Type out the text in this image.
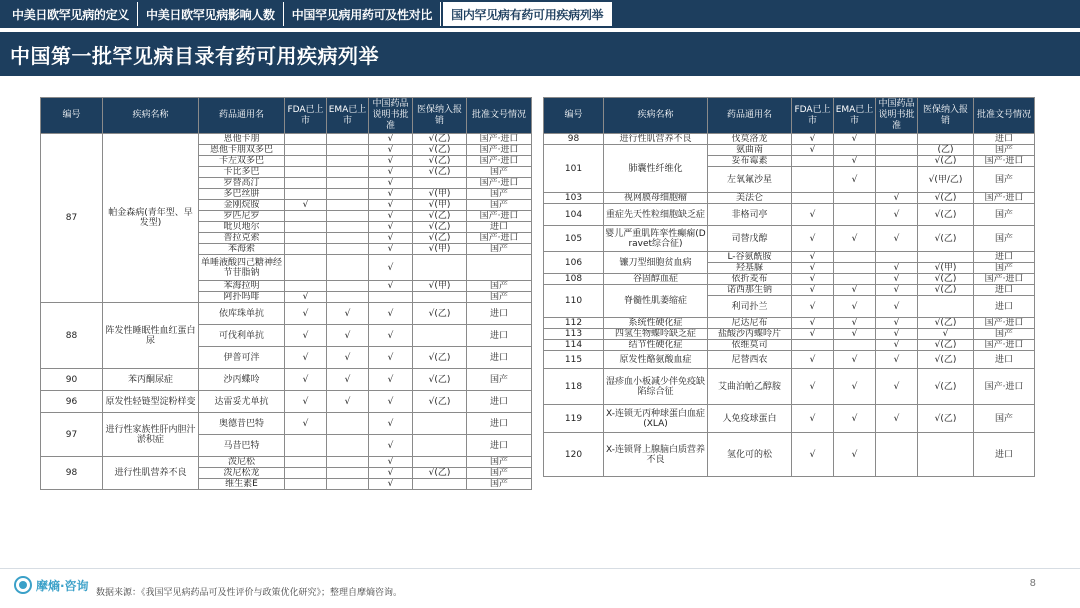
中美日欧罕见病的定义	中美日欧罕见病影响人数	中国罕见病用药可及性对比	国内罕见病有药可用疾病列举
中国第一批罕见病目录有药可用疾病列举
编号	疾病名称	药品通用名	FDA已上市	EMA已上市	中国药品说明书批准	医保纳入报销	批准文号情况
87	帕金森病(青年型、早发型)	恩他卡朋			√	√(乙)	国产·进口
		恩他卡朋双多巴			√	√(乙)	国产·进口
		卡左双多巴			√	√(乙)	国产·进口
		卡比多巴			√	√(乙)	国产
		罗替高汀			√		国产·进口
		多巴丝肼			√	√(甲)	国产
		金刚烷胺	√		√	√(甲)	国产
		罗匹尼罗			√	√(乙)	国产·进口
		吡贝地尔			√	√(乙)	进口
		普拉克索			√	√(乙)	国产·进口
		苯海索			√	√(甲)	国产
		单唾液酸四己糖神经节苷脂钠			√		
		苯海拉明			√	√(甲)	国产
		阿扑吗啡	√				国产
88	阵发性睡眠性血红蛋白尿	依库珠单抗	√	√	√	√(乙)	进口
		可伐利单抗	√	√	√		进口
		伊普可泮	√	√	√	√(乙)	进口
90	苯丙酮尿症	沙丙蝶呤	√	√	√	√(乙)	国产
96	原发性轻链型淀粉样变	达雷妥尤单抗	√	√	√	√(乙)	进口
97	进行性家族性肝内胆汁淤积症	奥德昔巴特	√		√		进口
		马昔巴特			√		进口
98	进行性肌营养不良	泼尼松			√		国产
		泼尼松龙			√	√(乙)	国产
		维生素E			√		国产
编号	疾病名称	药品通用名	FDA已上市	EMA已上市	中国药品说明书批准	医保纳入报销	批准文号情况
98	进行性肌营养不良	伐莫洛龙	√	√			进口
101	肺囊性纤维化	氨曲南	√			(乙)	国产
		妥布霉素		√		√(乙)	国产·进口
		左氧氟沙星		√		√(甲/乙)	国产
103	视网膜母细胞瘤	美法仑			√	√(乙)	国产·进口
104	重症先天性粒细胞缺乏症	非格司亭	√		√	√(乙)	国产
105	婴儿严重肌阵挛性癫痫(Dravet综合征)	司替戊醇	√	√	√	√(乙)	国产
106	镰刀型细胞贫血病	L-谷氨酰胺	√				进口
		羟基脲	√		√	√(甲)	国产
108	谷固醇血症	依折麦布	√		√	√(乙)	国产·进口
110	脊髓性肌萎缩症	诺西那生钠	√	√	√	√(乙)	进口
		利司扑兰	√	√	√		进口
112	系统性硬化症	尼达尼布	√	√	√	√(乙)	国产·进口
113	四氢生物蝶呤缺乏症	盐酸沙丙蝶呤片	√	√	√	√	国产
114	结节性硬化症	依维莫司			√	√(乙)	国产·进口
115	原发性酪氨酸血症	尼替西农	√	√	√	√(乙)	进口
118	湿疹血小板减少伴免疫缺陷综合征	艾曲泊帕乙醇胺	√	√	√	√(乙)	国产·进口
119	X-连锁无丙种球蛋白血症(XLA)	人免疫球蛋白	√	√	√	√(乙)	国产
120	X-连锁肾上腺脑白质营养不良	氢化可的松	√	√			进口
摩熵·咨询
数据来源：《我国罕见病药品可及性评价与政策优化研究》；整理自摩熵咨询。
8
